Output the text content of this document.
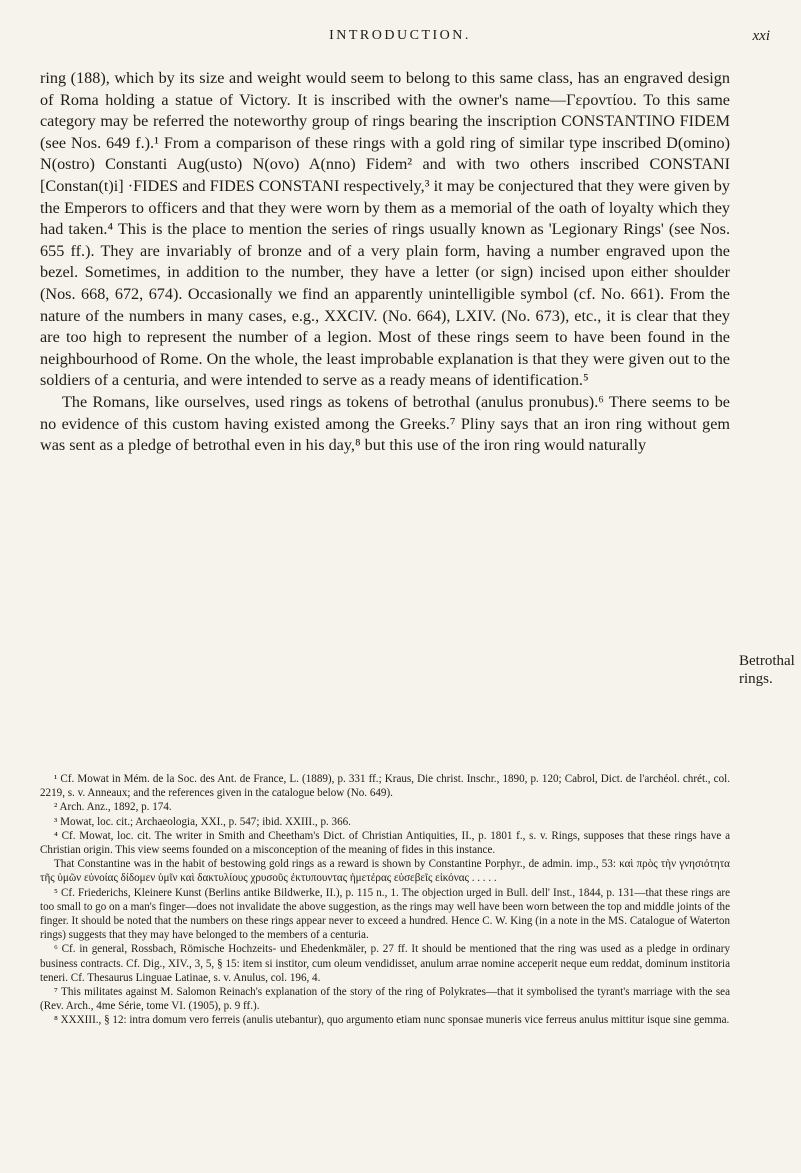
INTRODUCTION.	xxi

ring (188), which by its size and weight would seem to belong to this same class, has an engraved design of Roma holding a statue of Victory. It is inscribed with the owner's name—Γεροντίου. To this same category may be referred the noteworthy group of rings bearing the inscription CONSTANTINO FIDEM (see Nos. 649 f.).¹ From a comparison of these rings with a gold ring of similar type inscribed D(omino) N(ostro) Constanti Aug(usto) N(ovo) A(nno) Fidem² and with two others inscribed CONSTANI [Constan(t)i] ·FIDES and FIDES CONSTANI respectively,³ it may be conjectured that they were given by the Emperors to officers and that they were worn by them as a memorial of the oath of loyalty which they had taken.⁴ This is the place to mention the series of rings usually known as 'Legionary Rings' (see Nos. 655 ff.). They are invariably of bronze and of a very plain form, having a number engraved upon the bezel. Sometimes, in addition to the number, they have a letter (or sign) incised upon either shoulder (Nos. 668, 672, 674). Occasionally we find an apparently unintelligible symbol (cf. No. 661). From the nature of the numbers in many cases, e.g., XXCIV. (No. 664), LXIV. (No. 673), etc., it is clear that they are too high to represent the number of a legion. Most of these rings seem to have been found in the neighbourhood of Rome. On the whole, the least improbable explanation is that they were given out to the soldiers of a centuria, and were intended to serve as a ready means of identification.⁵

The Romans, like ourselves, used rings as tokens of betrothal (anulus pronubus).⁶ There seems to be no evidence of this custom having existed among the Greeks.⁷ Pliny says that an iron ring without gem was sent as a pledge of betrothal even in his day,⁸ but this use of the iron ring would naturally

Betrothal rings.

¹ Cf. Mowat in Mém. de la Soc. des Ant. de France, L. (1889), p. 331 ff.; Kraus, Die christ. Inschr., 1890, p. 120; Cabrol, Dict. de l'archéol. chrét., col. 2219, s. v. Anneaux; and the references given in the catalogue below (No. 649).

² Arch. Anz., 1892, p. 174.

³ Mowat, loc. cit.; Archaeologia, XXI., p. 547; ibid. XXIII., p. 366.

⁴ Cf. Mowat, loc. cit. The writer in Smith and Cheetham's Dict. of Christian Antiquities, II., p. 1801 f., s. v. Rings, supposes that these rings have a Christian origin. This view seems founded on a misconception of the meaning of fides in this instance.

That Constantine was in the habit of bestowing gold rings as a reward is shown by Constantine Porphyr., de admin. imp., 53: καὶ πρὸς τὴν γνησιότητα τῆς ὑμῶν εὐνοίας δίδομεν ὑμῖν καὶ δακτυλίους χρυσοῦς ἐκτυπουντας ἡμετέρας εὐσεβεῖς εἰκόνας . . . . .

⁵ Cf. Friederichs, Kleinere Kunst (Berlins antike Bildwerke, II.), p. 115 n., 1. The objection urged in Bull. dell' Inst., 1844, p. 131—that these rings are too small to go on a man's finger—does not invalidate the above suggestion, as the rings may well have been worn between the top and middle joints of the finger. It should be noted that the numbers on these rings appear never to exceed a hundred. Hence C. W. King (in a note in the MS. Catalogue of Waterton rings) suggests that they may have belonged to the members of a centuria.

⁶ Cf. in general, Rossbach, Römische Hochzeits- und Ehedenkmäler, p. 27 ff. It should be mentioned that the ring was used as a pledge in ordinary business contracts. Cf. Dig., XIV., 3, 5, § 15: item si institor, cum oleum vendidisset, anulum arrae nomine acceperit neque eum reddat, dominum institoria teneri. Cf. Thesaurus Linguae Latinae, s. v. Anulus, col. 196, 4.

⁷ This militates against M. Salomon Reinach's explanation of the story of the ring of Polykrates—that it symbolised the tyrant's marriage with the sea (Rev. Arch., 4me Série, tome VI. (1905), p. 9 ff.).

⁸ XXXIII., § 12: intra domum vero ferreis (anulis utebantur), quo argumento etiam nunc sponsae muneris vice ferreus anulus mittitur isque sine gemma.
